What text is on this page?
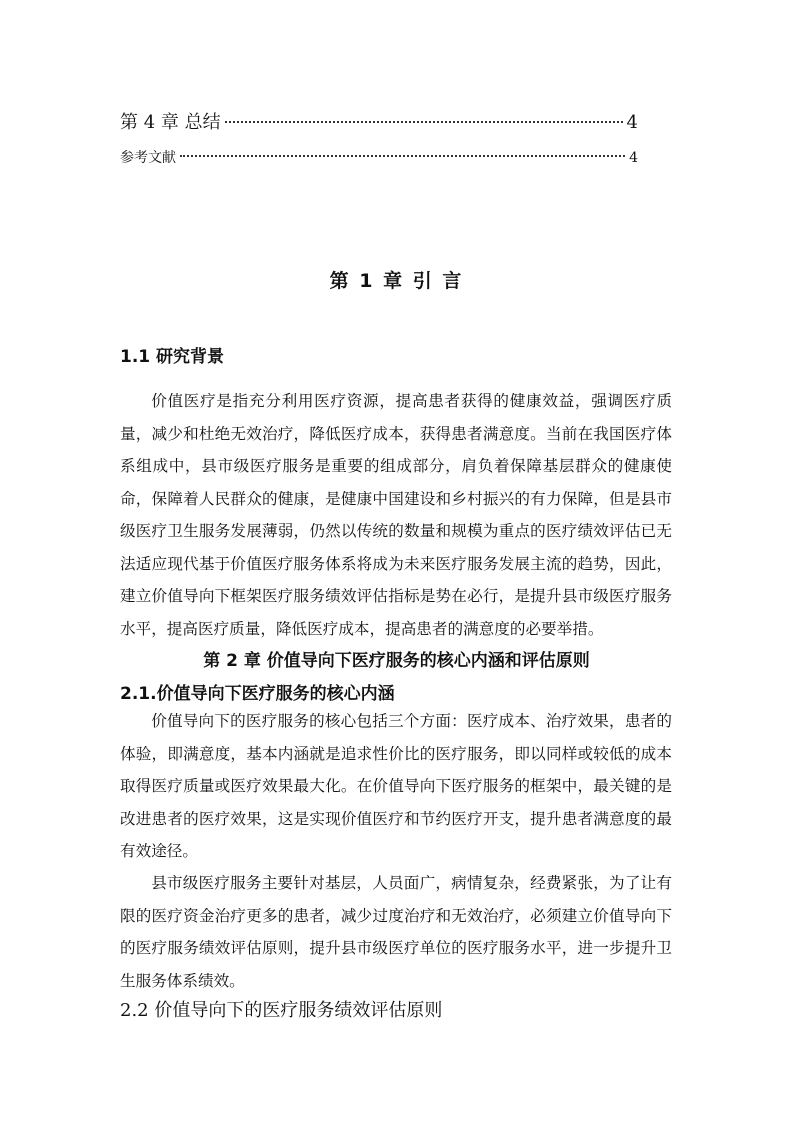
第 4 章 总结	4
参考文献	4
第 1 章 引 言
1.1 研究背景

价值医疗是指充分利用医疗资源，提高患者获得的健康效益，强调医疗质量，减少和杜绝无效治疗，降低医疗成本，获得患者满意度。当前在我国医疗体系组成中，县市级医疗服务是重要的组成部分，肩负着保障基层群众的健康使命，保障着人民群众的健康，是健康中国建设和乡村振兴的有力保障，但是县市级医疗卫生服务发展薄弱，仍然以传统的数量和规模为重点的医疗绩效评估已无法适应现代基于价值医疗服务体系将成为未来医疗服务发展主流的趋势，因此，建立价值导向下框架医疗服务绩效评估指标是势在必行，是提升县市级医疗服务水平，提高医疗质量，降低医疗成本，提高患者的满意度的必要举措。

第 2 章 价值导向下医疗服务的核心内涵和评估原则
2.1.价值导向下医疗服务的核心内涵

价值导向下的医疗服务的核心包括三个方面：医疗成本、治疗效果，患者的体验，即满意度，基本内涵就是追求性价比的医疗服务，即以同样或较低的成本取得医疗质量或医疗效果最大化。在价值导向下医疗服务的框架中，最关键的是改进患者的医疗效果，这是实现价值医疗和节约医疗开支，提升患者满意度的最有效途径。

县市级医疗服务主要针对基层，人员面广，病情复杂，经费紧张，为了让有限的医疗资金治疗更多的患者，减少过度治疗和无效治疗，必须建立价值导向下的医疗服务绩效评估原则，提升县市级医疗单位的医疗服务水平，进一步提升卫生服务体系绩效。

2.2 价值导向下的医疗服务绩效评估原则
